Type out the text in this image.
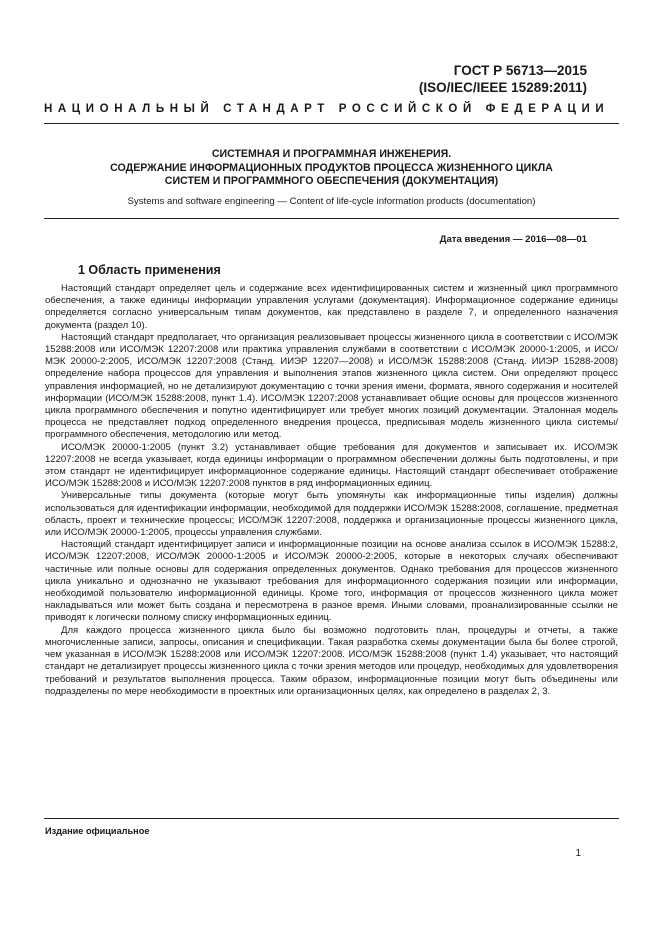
ГОСТ Р 56713—2015
(ISO/IEC/IEEE 15289:2011)
НАЦИОНАЛЬНЫЙ СТАНДАРТ РОССИЙСКОЙ ФЕДЕРАЦИИ
СИСТЕМНАЯ И ПРОГРАММНАЯ ИНЖЕНЕРИЯ.
СОДЕРЖАНИЕ ИНФОРМАЦИОННЫХ ПРОДУКТОВ ПРОЦЕССА ЖИЗНЕННОГО ЦИКЛА
СИСТЕМ И ПРОГРАММНОГО ОБЕСПЕЧЕНИЯ (ДОКУМЕНТАЦИЯ)
Systems and software engineering — Content of life-cycle information products (documentation)
Дата введения — 2016—08—01
1 Область применения

Настоящий стандарт определяет цель и содержание всех идентифицированных систем и жизненный цикл программного обеспечения, а также единицы информации управления услугами (документация). Информационное содержание единицы определяется согласно универсальным типам документов, как представлено в разделе 7, и определенного назначения документа (раздел 10).

Настоящий стандарт предполагает, что организация реализовывает процессы жизненного цикла в соответствии с ИСО/МЭК 15288:2008 или ИСО/МЭК 12207:2008 или практика управления службами в соответствии с ИСО/МЭК 20000-1:2005, и ИСО/МЭК 20000-2:2005, ИСО/МЭК 12207:2008 (Станд. ИИЭР 12207—2008) и ИСО/МЭК 15288:2008 (Станд. ИИЭР 15288-2008) определение набора процессов для управления и выполнения этапов жизненного цикла систем. Они определяют процесс управления информацией, но не детализируют документацию с точки зрения имени, формата, явного содержания и носителей информации (ИСО/МЭК 15288:2008, пункт 1.4). ИСО/МЭК 12207:2008 устанавливает общие основы для процессов жизненного цикла программного обеспечения и попутно идентифицирует или требует многих позиций документации. Эталонная модель процесса не представляет подход определенного внедрения процесса, предписывая модель жизненного цикла системы/программного обеспечения, методологию или метод.

ИСО/МЭК 20000-1:2005 (пункт 3.2) устанавливает общие требования для документов и записывает их. ИСО/МЭК 12207:2008 не всегда указывает, когда единицы информации о программном обеспечении должны быть подготовлены, и при этом стандарт не идентифицирует информационное содержание единицы. Настоящий стандарт обеспечивает отображение ИСО/МЭК 15288:2008 и ИСО/МЭК 12207:2008 пунктов в ряд информационных единиц.

Универсальные типы документа (которые могут быть упомянуты как информационные типы изделия) должны использоваться для идентификации информации, необходимой для поддержки ИСО/МЭК 15288:2008, соглашение, предметная область, проект и технические процессы; ИСО/МЭК 12207:2008, поддержка и организационные процессы жизненного цикла, или ИСО/МЭК 20000-1:2005, процессы управления службами.

Настоящий стандарт идентифицирует записи и информационные позиции на основе анализа ссылок в ИСО/МЭК 15288:2, ИСО/МЭК 12207:2008, ИСО/МЭК 20000-1:2005 и ИСО/МЭК 20000-2:2005, которые в некоторых случаях обеспечивают частичные или полные основы для содержания определенных документов. Однако требования для процессов жизненного цикла уникально и однозначно не указывают требования для информационного содержания позиции или информации, необходимой пользователю информационной единицы. Кроме того, информация от процессов жизненного цикла может накладываться или может быть создана и пересмотрена в разное время. Иными словами, проанализированные ссылки не приводят к логически полному списку информационных единиц.

Для каждого процесса жизненного цикла было бы возможно подготовить план, процедуры и отчеты, а также многочисленные записи, запросы, описания и спецификации. Такая разработка схемы документации была бы более строгой, чем указанная в ИСО/МЭК 15288:2008 или ИСО/МЭК 12207:2008. ИСО/МЭК 15288:2008 (пункт 1.4) указывает, что настоящий стандарт не детализирует процессы жизненного цикла с точки зрения методов или процедур, необходимых для удовлетворения требований и результатов выполнения процесса. Таким образом, информационные позиции могут быть объединены или подразделены по мере необходимости в проектных или организационных целях, как определено в разделах 2, 3.

Издание официальное
1
